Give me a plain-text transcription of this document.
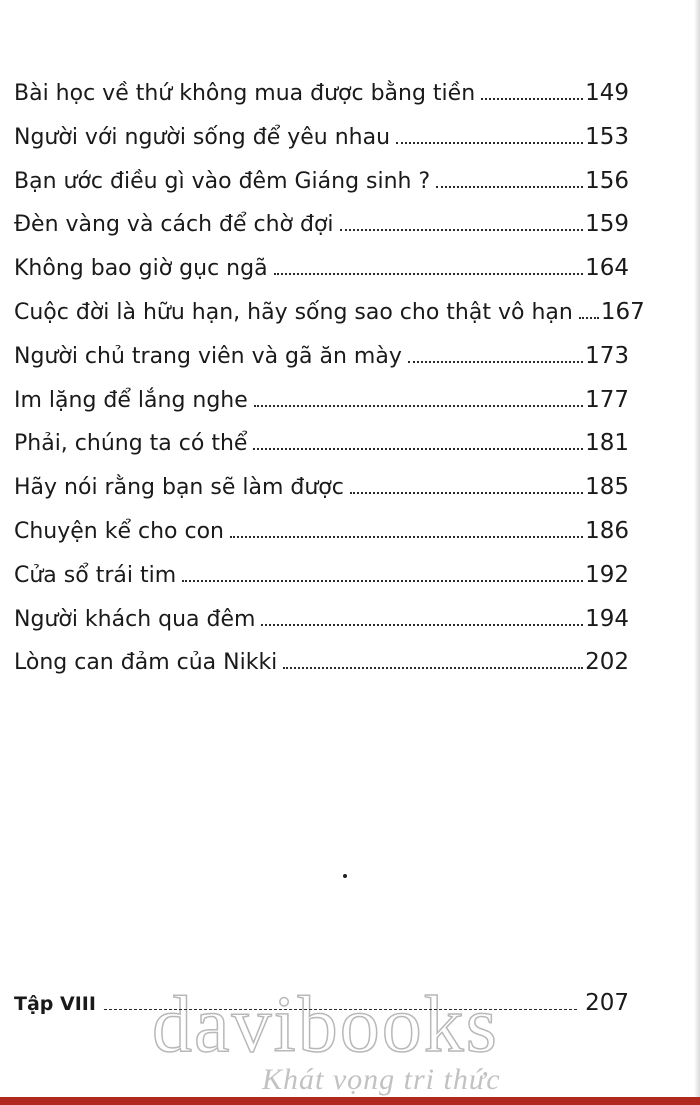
Bài học về thứ không mua được bằng tiền	149
Người với người sống để yêu nhau	153
Bạn ước điều gì vào đêm Giáng sinh ?	156
Đèn vàng và cách để chờ đợi	159
Không bao giờ gục ngã	164
Cuộc đời là hữu hạn, hãy sống sao cho thật vô hạn 167
Người chủ trang viên và gã ăn mày	173
Im lặng để lắng nghe	177
Phải, chúng ta có thể	181
Hãy nói rằng bạn sẽ làm được	185
Chuyện kể cho con	186
Cửa sổ trái tim	192
Người khách qua đêm	194
Lòng can đảm của Nikki	202
davibooks
Khát vọng tri thức
Tập VIII	207
